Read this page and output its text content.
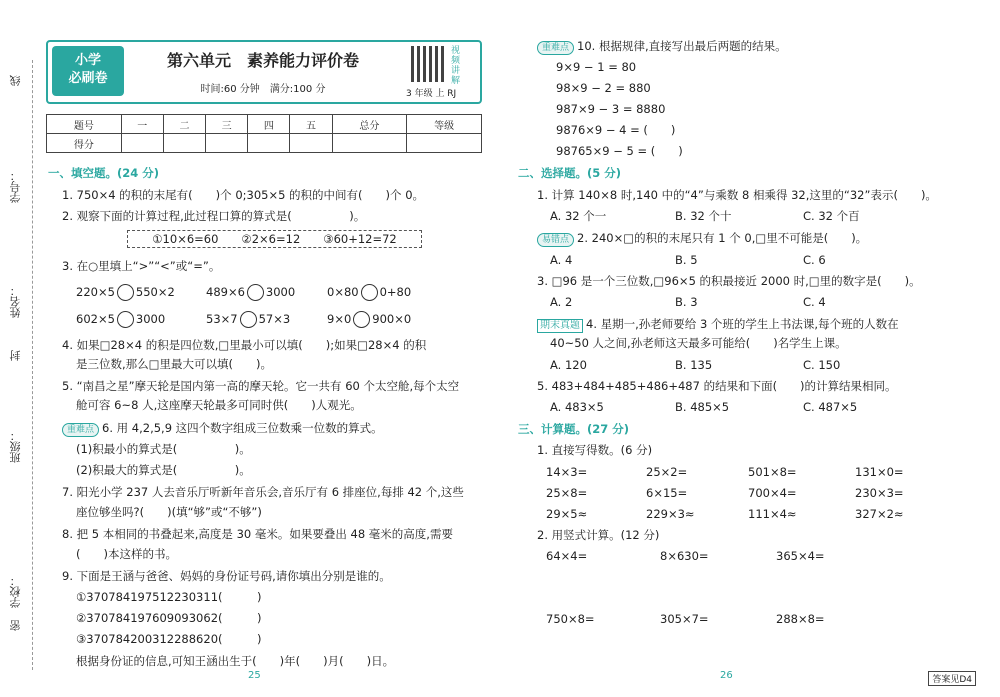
线
学号：
姓名：
封
班级：
学校：
密
小学
必刷卷
第六单元　素养能力评价卷
时间:60 分钟　满分:100 分
视频讲解
3 年级 上 RJ
题号	一	二	三	四	五	总分	等级
得分							
一、填空题。(24 分)
1. 750×4 的积的末尾有(　　)个 0;305×5 的积的中间有(　　)个 0。
2. 观察下面的计算过程,此过程口算的算式是(　　　　　)。
①10×6=60　　②2×6=12　　③60+12=72
3. 在○里填上“>”“<”或“=”。
220×5 550×2	489×6 3000	0×80 0+80
602×5 3000	53×7 57×3	9×0 900×0
4. 如果□28×4 的积是四位数,□里最小可以填(　　);如果□28×4 的积
是三位数,那么□里最大可以填(　　)。
5. “南昌之星”摩天轮是国内第一高的摩天轮。它一共有 60 个太空舱,每个太空
舱可容 6~8 人,这座摩天轮最多可同时供(　　)人观光。
重难点 6. 用 4,2,5,9 这四个数字组成三位数乘一位数的算式。
(1)积最小的算式是(　　　　　)。
(2)积最大的算式是(　　　　　)。
7. 阳光小学 237 人去音乐厅听新年音乐会,音乐厅有 6 排座位,每排 42 个,这些
座位够坐吗?(　　)(填“够”或“不够”)
8. 把 5 本相同的书叠起来,高度是 30 毫米。如果要叠出 48 毫米的高度,需要
(　　)本这样的书。
9. 下面是王涵与爸爸、妈妈的身份证号码,请你填出分别是谁的。
①370784197512230311(　　　)
②370784197609093062(　　　)
③370784200312288620(　　　)
根据身份证的信息,可知王涵出生于(　　)年(　　)月(　　)日。
25
重难点 10. 根据规律,直接写出最后两题的结果。
9×9 − 1 = 80
98×9 − 2 = 880
987×9 − 3 = 8880
9876×9 − 4 = (　　)
98765×9 − 5 = (　　)
二、选择题。(5 分)
1. 计算 140×8 时,140 中的“4”与乘数 8 相乘得 32,这里的“32”表示(　　)。
A. 32 个一	B. 32 个十	C. 32 个百
易错点 2. 240×□的积的末尾只有 1 个 0,□里不可能是(　　)。
A. 4	B. 5	C. 6
3. □96 是一个三位数,□96×5 的积最接近 2000 时,□里的数字是(　　)。
A. 2	B. 3	C. 4
期末真题 4. 星期一,孙老师要给 3 个班的学生上书法课,每个班的人数在
40~50 人之间,孙老师这天最多可能给(　　)名学生上课。
A. 120	B. 135	C. 150
5. 483+484+485+486+487 的结果和下面(　　)的计算结果相同。
A. 483×5	B. 485×5	C. 487×5
三、计算题。(27 分)
1. 直接写得数。(6 分)
14×3=	25×2=	501×8=	131×0=
25×8=	6×15=	700×4=	230×3=
29×5≈	229×3≈	111×4≈	327×2≈
2. 用竖式计算。(12 分)
64×4=	8×630=	365×4=
750×8=	305×7=	288×8=
26	答案见D4
